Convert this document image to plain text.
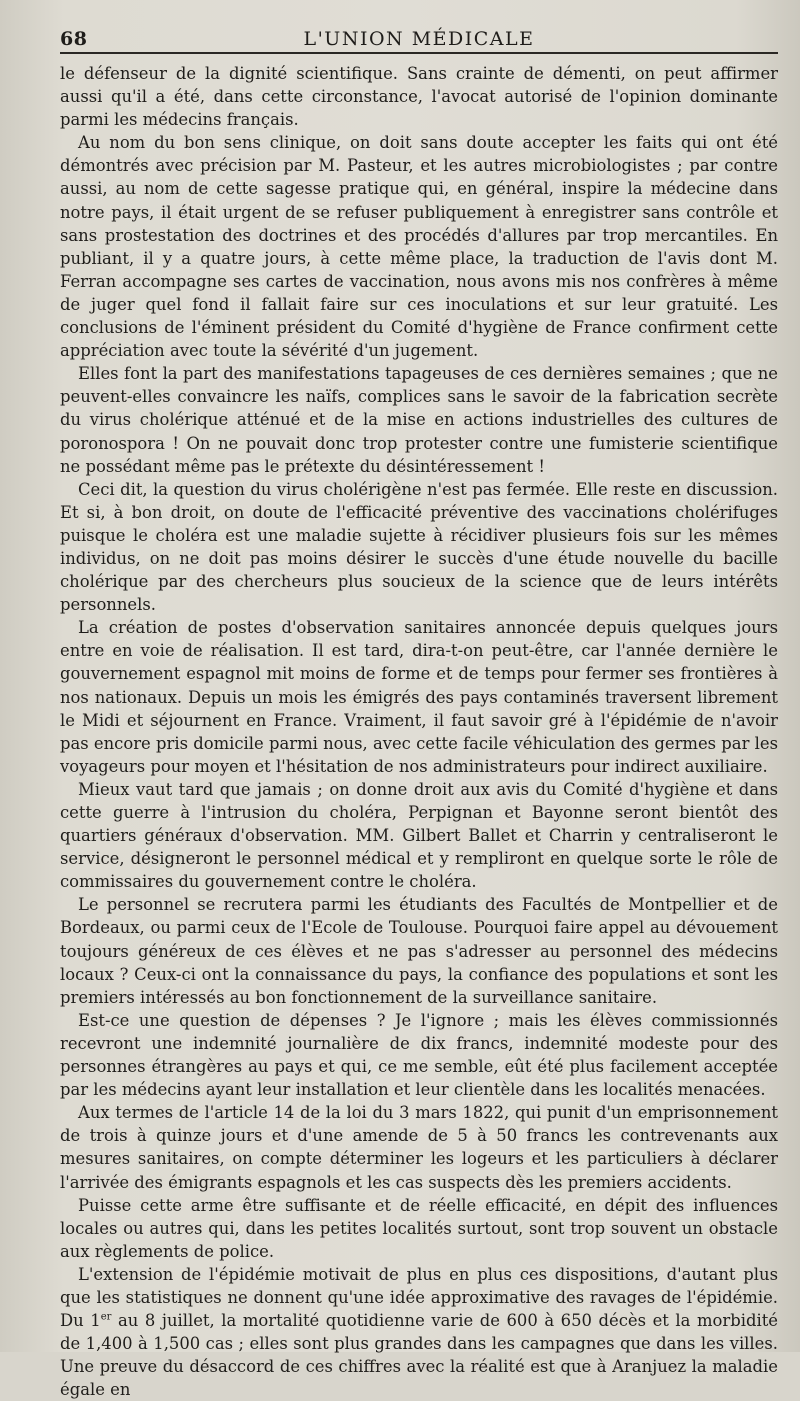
68	L'UNION MÉDICALE

le défenseur de la dignité scientifique. Sans crainte de démenti, on peut affirmer aussi qu'il a été, dans cette circonstance, l'avocat autorisé de l'opinion dominante parmi les médecins français.

Au nom du bon sens clinique, on doit sans doute accepter les faits qui ont été démontrés avec précision par M. Pasteur, et les autres microbiologistes ; par contre aussi, au nom de cette sagesse pratique qui, en général, inspire la médecine dans notre pays, il était urgent de se refuser publiquement à enregistrer sans contrôle et sans prostestation des doctrines et des procédés d'allures par trop mercantiles. En publiant, il y a quatre jours, à cette même place, la traduction de l'avis dont M. Ferran accompagne ses cartes de vaccination, nous avons mis nos confrères à même de juger quel fond il fallait faire sur ces inoculations et sur leur gratuité. Les conclusions de l'éminent président du Comité d'hygiène de France confirment cette appréciation avec toute la sévérité d'un jugement.

Elles font la part des manifestations tapageuses de ces dernières semaines ; que ne peuvent-elles convaincre les naïfs, complices sans le savoir de la fabrication secrète du virus cholérique atténué et de la mise en actions industrielles des cultures de poronospora ! On ne pouvait donc trop protester contre une fumisterie scientifique ne possédant même pas le prétexte du désintéressement !

Ceci dit, la question du virus cholérigène n'est pas fermée. Elle reste en discussion. Et si, à bon droit, on doute de l'efficacité préventive des vaccinations cholérifuges puisque le choléra est une maladie sujette à récidiver plusieurs fois sur les mêmes individus, on ne doit pas moins désirer le succès d'une étude nouvelle du bacille cholérique par des chercheurs plus soucieux de la science que de leurs intérêts personnels.

La création de postes d'observation sanitaires annoncée depuis quelques jours entre en voie de réalisation. Il est tard, dira-t-on peut-être, car l'année dernière le gouvernement espagnol mit moins de forme et de temps pour fermer ses frontières à nos nationaux. Depuis un mois les émigrés des pays contaminés traversent librement le Midi et séjournent en France. Vraiment, il faut savoir gré à l'épidémie de n'avoir pas encore pris domicile parmi nous, avec cette facile véhiculation des germes par les voyageurs pour moyen et l'hésitation de nos administrateurs pour indirect auxiliaire.

Mieux vaut tard que jamais ; on donne droit aux avis du Comité d'hygiène et dans cette guerre à l'intrusion du choléra, Perpignan et Bayonne seront bientôt des quartiers généraux d'observation. MM. Gilbert Ballet et Charrin y centraliseront le service, désigneront le personnel médical et y rempliront en quelque sorte le rôle de commissaires du gouvernement contre le choléra.

Le personnel se recrutera parmi les étudiants des Facultés de Montpellier et de Bordeaux, ou parmi ceux de l'Ecole de Toulouse. Pourquoi faire appel au dévouement toujours généreux de ces élèves et ne pas s'adresser au personnel des médecins locaux ? Ceux-ci ont la connaissance du pays, la confiance des populations et sont les premiers intéressés au bon fonctionnement de la surveillance sanitaire.

Est-ce une question de dépenses ? Je l'ignore ; mais les élèves commissionnés recevront une indemnité journalière de dix francs, indemnité modeste pour des personnes étrangères au pays et qui, ce me semble, eût été plus facilement acceptée par les médecins ayant leur installation et leur clientèle dans les localités menacées.

Aux termes de l'article 14 de la loi du 3 mars 1822, qui punit d'un emprisonnement de trois à quinze jours et d'une amende de 5 à 50 francs les contrevenants aux mesures sanitaires, on compte déterminer les logeurs et les particuliers à déclarer l'arrivée des émigrants espagnols et les cas suspects dès les premiers accidents.

Puisse cette arme être suffisante et de réelle efficacité, en dépit des influences locales ou autres qui, dans les petites localités surtout, sont trop souvent un obstacle aux règlements de police.

L'extension de l'épidémie motivait de plus en plus ces dispositions, d'autant plus que les statistiques ne donnent qu'une idée approximative des ravages de l'épidémie. Du 1er au 8 juillet, la mortalité quotidienne varie de 600 à 650 décès et la morbidité de 1,400 à 1,500 cas ; elles sont plus grandes dans les campagnes que dans les villes. Une preuve du désaccord de ces chiffres avec la réalité est que à Aranjuez la maladie égale en
